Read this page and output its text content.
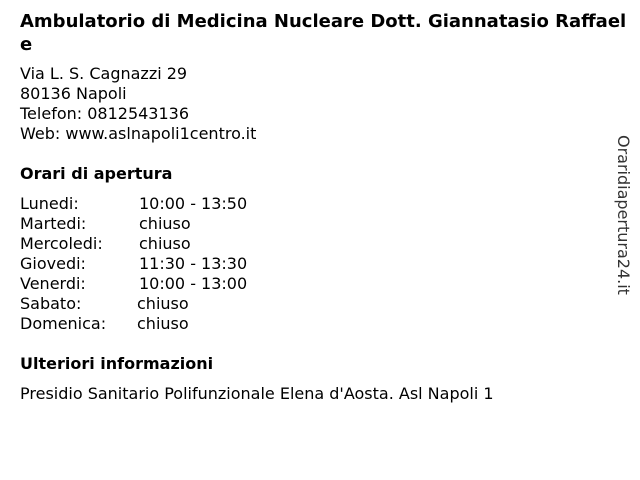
Ambulatorio di Medicina Nucleare Dott. Giannatasio Raffaele
Via L. S. Cagnazzi 29
80136 Napoli
Telefon: 0812543136
Web: www.aslnapoli1centro.it
Orari di apertura
Lunedi:	10:00 - 13:50
Martedi:	chiuso
Mercoledi: chiuso
Giovedi:	11:30 - 13:30
Venerdi:	10:00 - 13:00
Sabato:	chiuso
Domenica: chiuso
Ulteriori informazioni
Presidio Sanitario Polifunzionale Elena d'Aosta. Asl Napoli 1
Oraridiapertura24.it
